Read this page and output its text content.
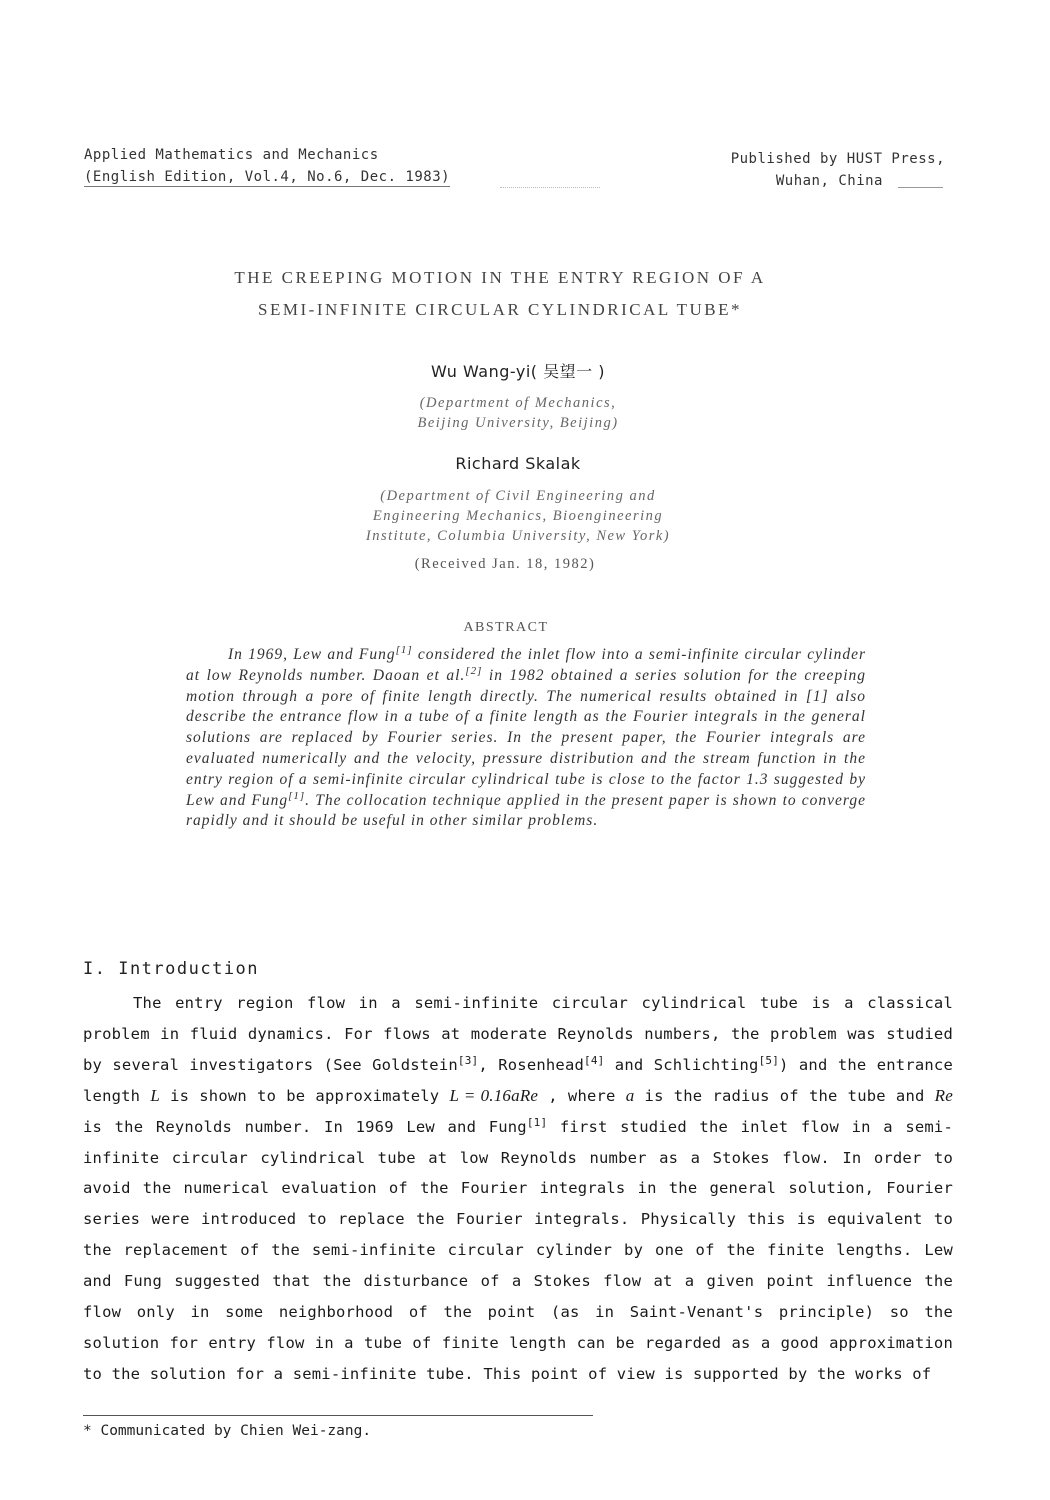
Applied Mathematics and Mechanics
(English Edition, Vol.4, No.6, Dec. 1983)
Published by HUST Press,
Wuhan, China
THE CREEPING MOTION IN THE ENTRY REGION OF A
SEMI-INFINITE CIRCULAR CYLINDRICAL TUBE*
Wu Wang-yi( 吴望一 )
(Department of Mechanics,
Beijing University, Beijing)
Richard Skalak
(Department of Civil Engineering and
Engineering Mechanics, Bioengineering
Institute, Columbia University, New York)
(Received Jan. 18, 1982)
ABSTRACT
In 1969, Lew and Fung[1] considered the inlet flow into a semi-infinite circular cylinder at low Reynolds number. Daoan et al.[2] in 1982 obtained a series solution for the creeping motion through a pore of finite length directly. The numerical results obtained in [1] also describe the entrance flow in a tube of a finite length as the Fourier integrals in the general solutions are replaced by Fourier series. In the present paper, the Fourier integrals are evaluated numerically and the velocity, pressure distribution and the stream function in the entry region of a semi-infinite circular cylindrical tube is close to the factor 1.3 suggested by Lew and Fung[1]. The collocation technique applied in the present paper is shown to converge rapidly and it should be useful in other similar problems.
I. Introduction
The entry region flow in a semi-infinite circular cylindrical tube is a classical problem in fluid dynamics. For flows at moderate Reynolds numbers, the problem was studied by several investigators (See Goldstein[3], Rosenhead[4] and Schlichting[5]) and the entrance length L is shown to be approximately L = 0.16aRe , where a is the radius of the tube and Re is the Reynolds number. In 1969 Lew and Fung[1] first studied the inlet flow in a semi-infinite circular cylindrical tube at low Reynolds number as a Stokes flow. In order to avoid the numerical evaluation of the Fourier integrals in the general solution, Fourier series were introduced to replace the Fourier integrals. Physically this is equivalent to the replacement of the semi-infinite circular cylinder by one of the finite lengths. Lew and Fung suggested that the disturbance of a Stokes flow at a given point influence the flow only in some neighborhood of the point (as in Saint-Venant's principle) so the solution for entry flow in a tube of finite length can be regarded as a good approximation to the solution for a semi-infinite tube. This point of view is supported by the works of
* Communicated by Chien Wei-zang.
